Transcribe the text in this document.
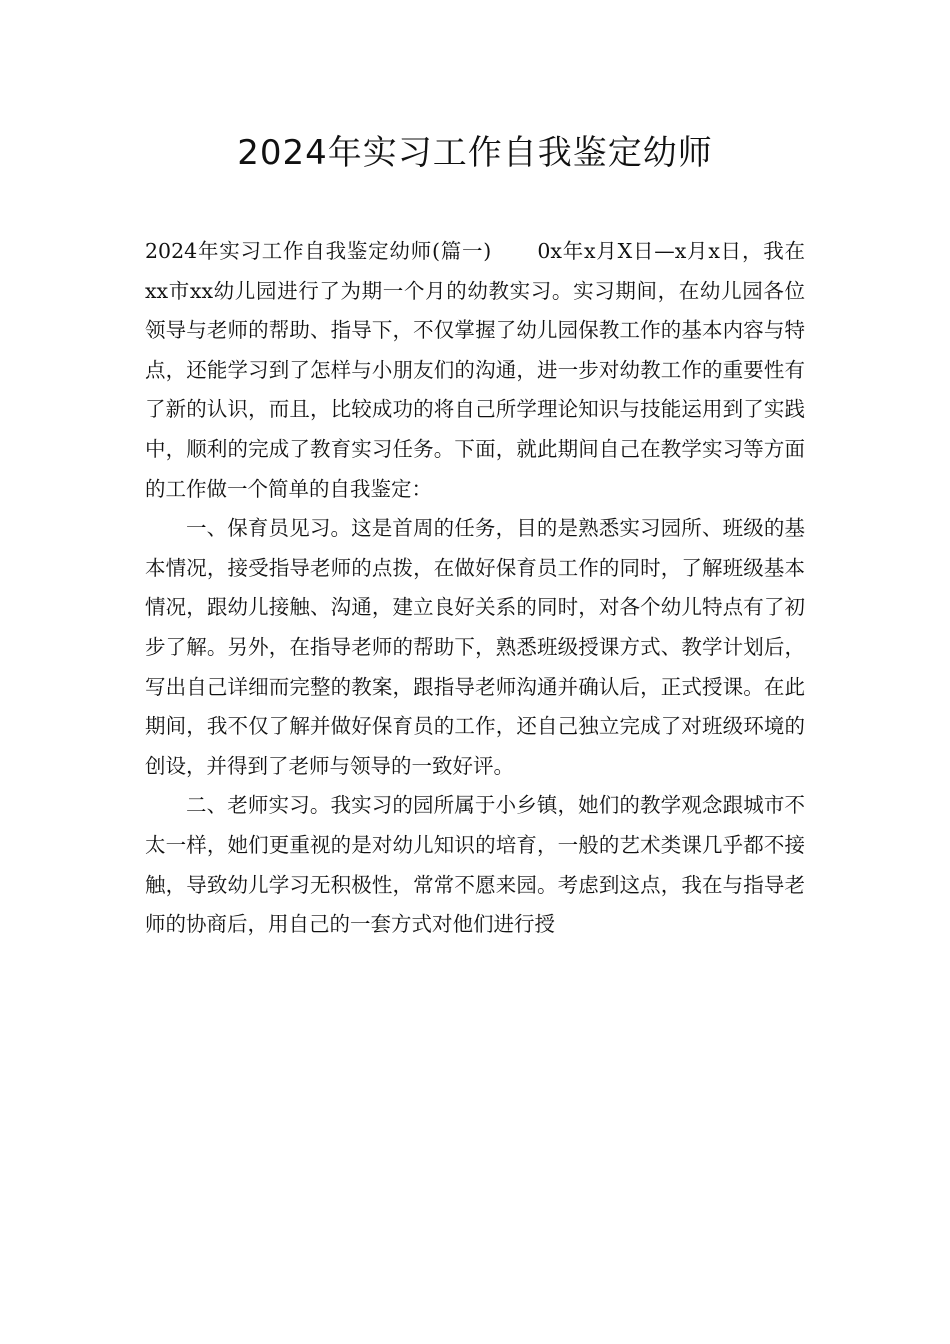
2024年实习工作自我鉴定幼师

2024年实习工作自我鉴定幼师(篇一) 0x年x月X日—x月x日，我在xx市xx幼儿园进行了为期一个月的幼教实习。实习期间，在幼儿园各位领导与老师的帮助、指导下，不仅掌握了幼儿园保教工作的基本内容与特点，还能学习到了怎样与小朋友们的沟通，进一步对幼教工作的重要性有了新的认识，而且，比较成功的将自己所学理论知识与技能运用到了实践中，顺利的完成了教育实习任务。下面，就此期间自己在教学实习等方面的工作做一个简单的自我鉴定：

一、保育员见习。这是首周的任务，目的是熟悉实习园所、班级的基本情况，接受指导老师的点拨，在做好保育员工作的同时，了解班级基本情况，跟幼儿接触、沟通，建立良好关系的同时，对各个幼儿特点有了初步了解。另外，在指导老师的帮助下，熟悉班级授课方式、教学计划后，写出自己详细而完整的教案，跟指导老师沟通并确认后，正式授课。在此期间，我不仅了解并做好保育员的工作，还自己独立完成了对班级环境的创设，并得到了老师与领导的一致好评。

二、老师实习。我实习的园所属于小乡镇，她们的教学观念跟城市不太一样，她们更重视的是对幼儿知识的培育，一般的艺术类课几乎都不接触，导致幼儿学习无积极性，常常不愿来园。考虑到这点，我在与指导老师的协商后，用自己的一套方式对他们进行授
